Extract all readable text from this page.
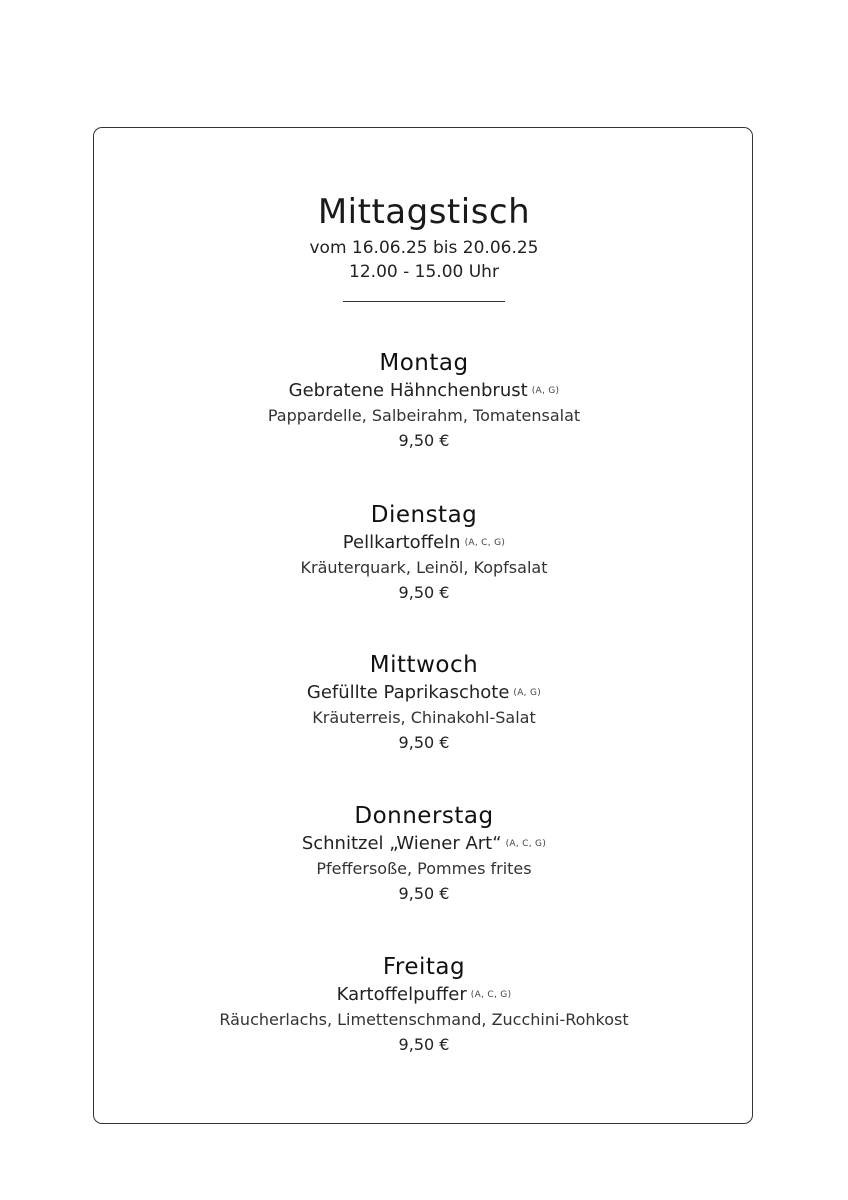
Mittagstisch
vom 16.06.25 bis 20.06.25
12.00 - 15.00 Uhr
Montag
Gebratene Hähnchenbrust (A, G)
Pappardelle, Salbeirahm, Tomatensalat
9,50 €
Dienstag
Pellkartoffeln (A, C, G)
Kräuterquark, Leinöl, Kopfsalat
9,50 €
Mittwoch
Gefüllte Paprikaschote (A, G)
Kräuterreis, Chinakohl-Salat
9,50 €
Donnerstag
Schnitzel „Wiener Art“ (A, C, G)
Pfeffersoße, Pommes frites
9,50 €
Freitag
Kartoffelpuffer (A, C, G)
Räucherlachs, Limettenschmand, Zucchini-Rohkost
9,50 €
